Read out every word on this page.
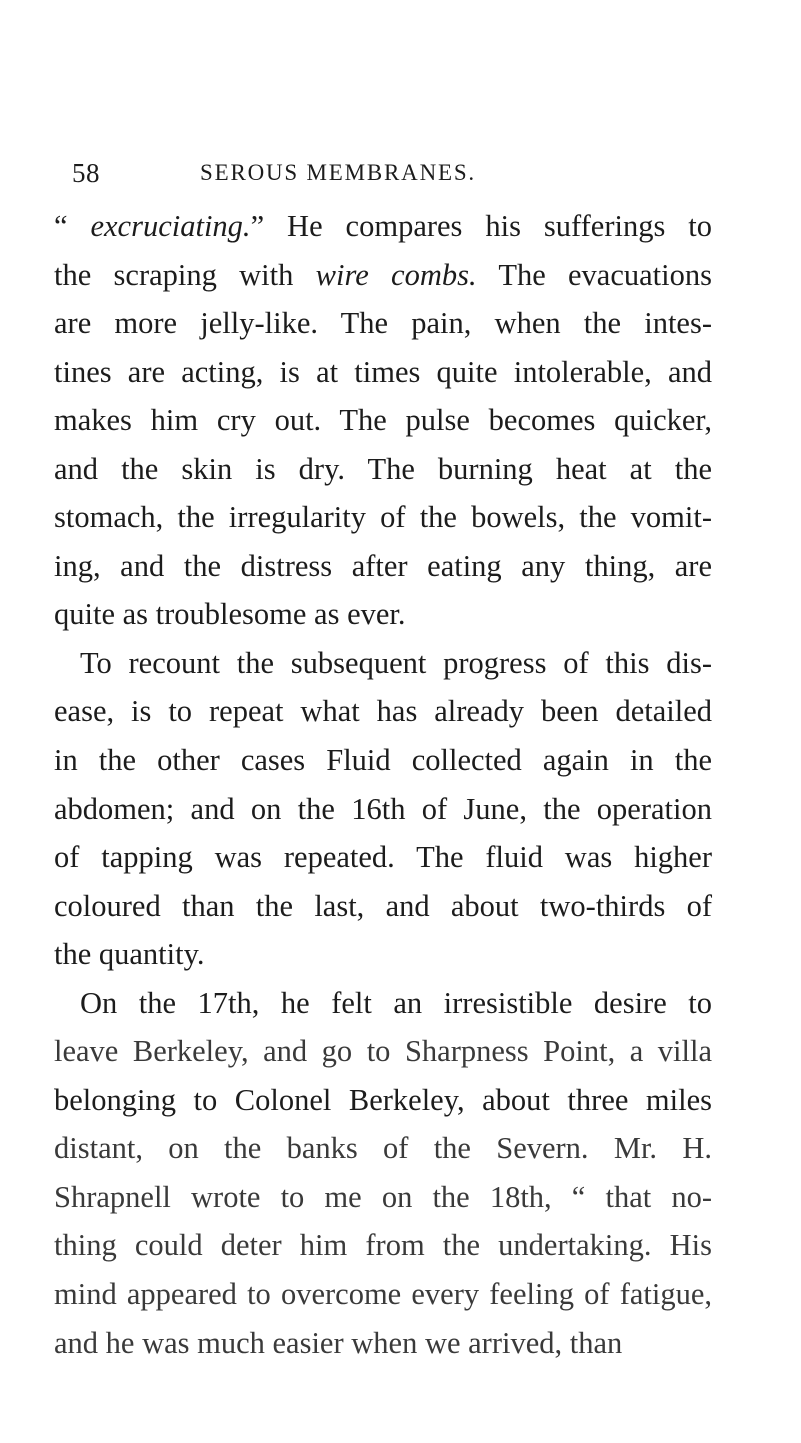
58	SEROUS MEMBRANES.
“ excruciating.” He compares his sufferings to
the scraping with wire combs. The evacuations
are more jelly-like. The pain, when the intes-
tines are acting, is at times quite intolerable, and
makes him cry out. The pulse becomes quicker,
and the skin is dry. The burning heat at the
stomach, the irregularity of the bowels, the vomit-
ing, and the distress after eating any thing, are
quite as troublesome as ever.
To recount the subsequent progress of this dis-
ease, is to repeat what has already been detailed
in the other cases Fluid collected again in the
abdomen; and on the 16th of June, the operation
of tapping was repeated. The fluid was higher
coloured than the last, and about two-thirds of
the quantity.
On the 17th, he felt an irresistible desire to
leave Berkeley, and go to Sharpness Point, a villa
belonging to Colonel Berkeley, about three miles
distant, on the banks of the Severn. Mr. H.
Shrapnell wrote to me on the 18th, “ that no-
thing could deter him from the undertaking. His
mind appeared to overcome every feeling of fatigue,
and he was much easier when we arrived, than
